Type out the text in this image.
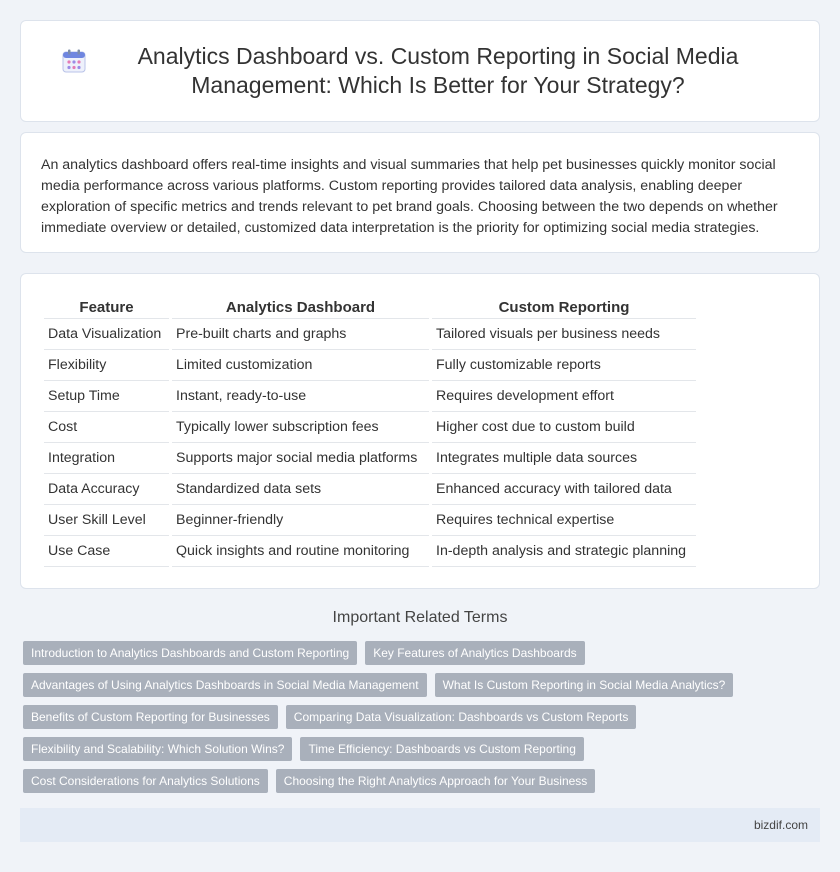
Analytics Dashboard vs. Custom Reporting in Social Media Management: Which Is Better for Your Strategy?

An analytics dashboard offers real-time insights and visual summaries that help pet businesses quickly monitor social media performance across various platforms. Custom reporting provides tailored data analysis, enabling deeper exploration of specific metrics and trends relevant to pet brand goals. Choosing between the two depends on whether immediate overview or detailed, customized data interpretation is the priority for optimizing social media strategies.

Feature	Analytics Dashboard	Custom Reporting
Data Visualization	Pre-built charts and graphs	Tailored visuals per business needs
Flexibility	Limited customization	Fully customizable reports
Setup Time	Instant, ready-to-use	Requires development effort
Cost	Typically lower subscription fees	Higher cost due to custom build
Integration	Supports major social media platforms	Integrates multiple data sources
Data Accuracy	Standardized data sets	Enhanced accuracy with tailored data
User Skill Level	Beginner-friendly	Requires technical expertise
Use Case	Quick insights and routine monitoring	In-depth analysis and strategic planning
Important Related Terms
Introduction to Analytics Dashboards and Custom Reporting	Key Features of Analytics Dashboards
Advantages of Using Analytics Dashboards in Social Media Management	What Is Custom Reporting in Social Media Analytics?
Benefits of Custom Reporting for Businesses	Comparing Data Visualization: Dashboards vs Custom Reports
Flexibility and Scalability: Which Solution Wins?	Time Efficiency: Dashboards vs Custom Reporting
Cost Considerations for Analytics Solutions	Choosing the Right Analytics Approach for Your Business
bizdif.com
